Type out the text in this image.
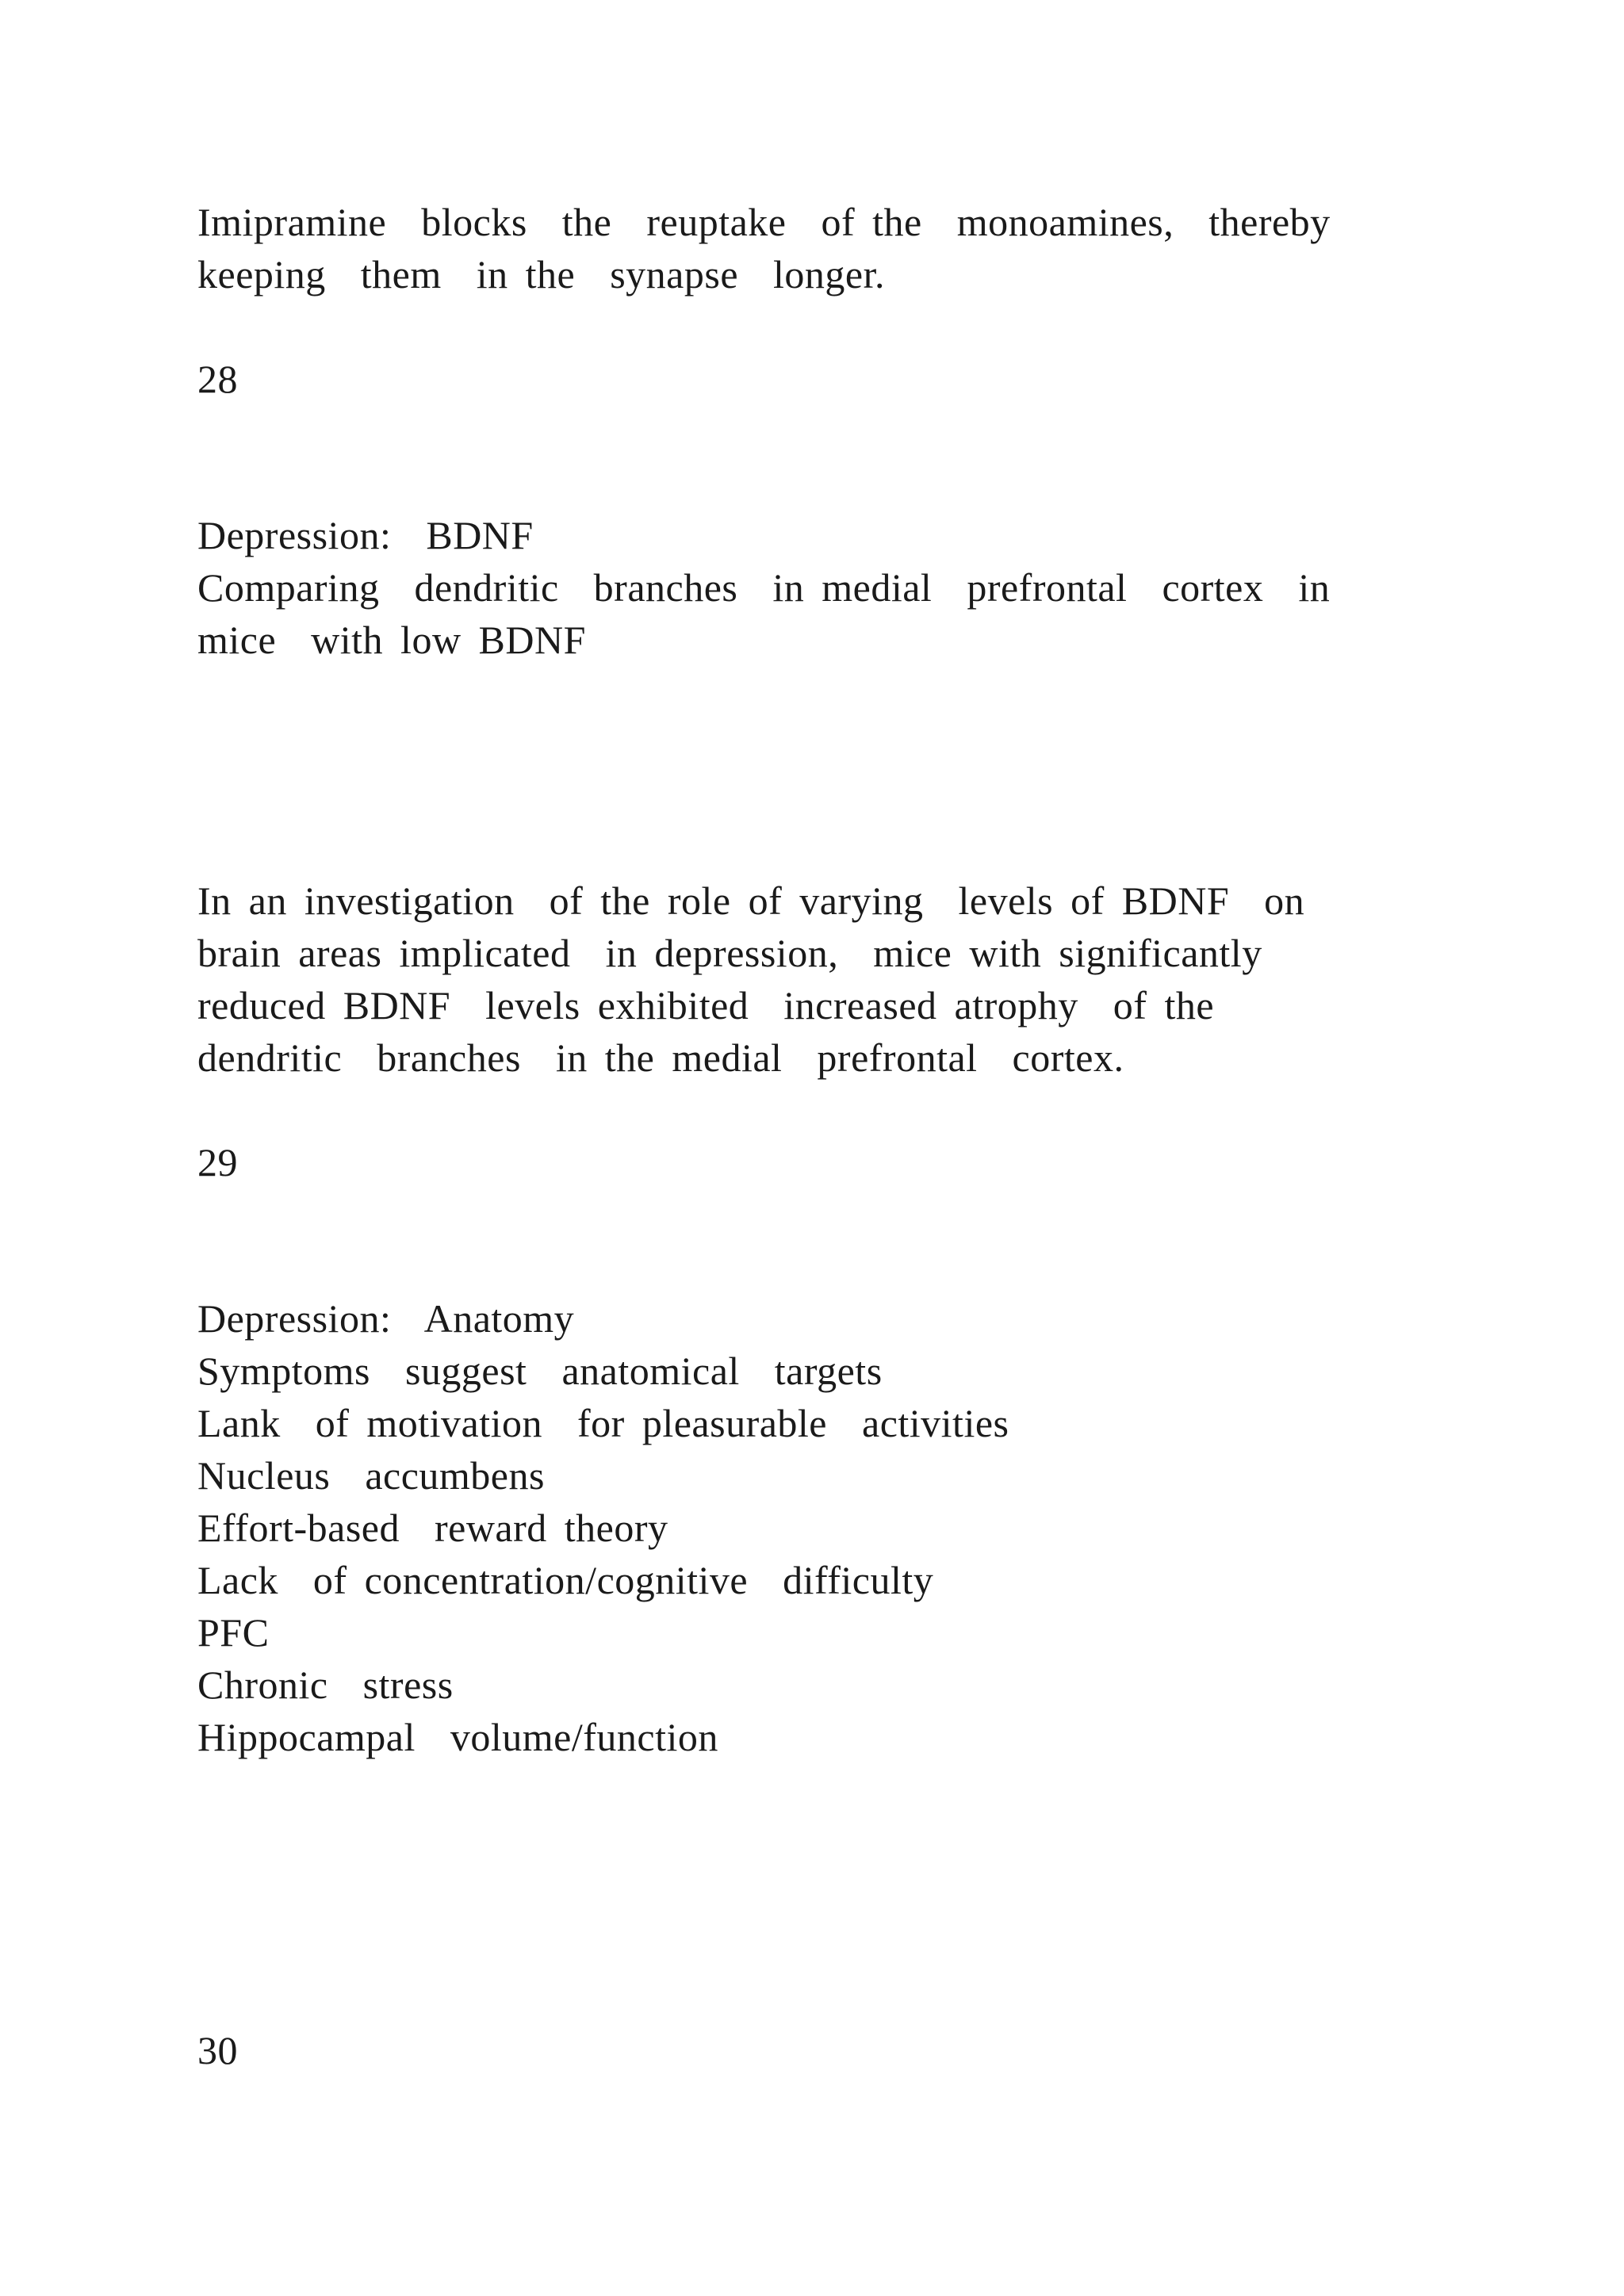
Imipramine  blocks  the  reuptake  of the  monoamines,  thereby
keeping  them  in the  synapse  longer.
28
Depression:  BDNF
Comparing  dendritic  branches  in medial  prefrontal  cortex  in
mice  with low BDNF
In an investigation  of the role of varying  levels of BDNF  on
brain areas implicated  in depression,  mice with significantly
reduced BDNF  levels exhibited  increased atrophy  of the
dendritic  branches  in the medial  prefrontal  cortex.
29
Depression:  Anatomy
Symptoms  suggest  anatomical  targets
Lank  of motivation  for pleasurable  activities
Nucleus  accumbens
Effort-based  reward theory
Lack  of concentration/cognitive  difficulty
PFC
Chronic  stress
Hippocampal  volume/function
30
